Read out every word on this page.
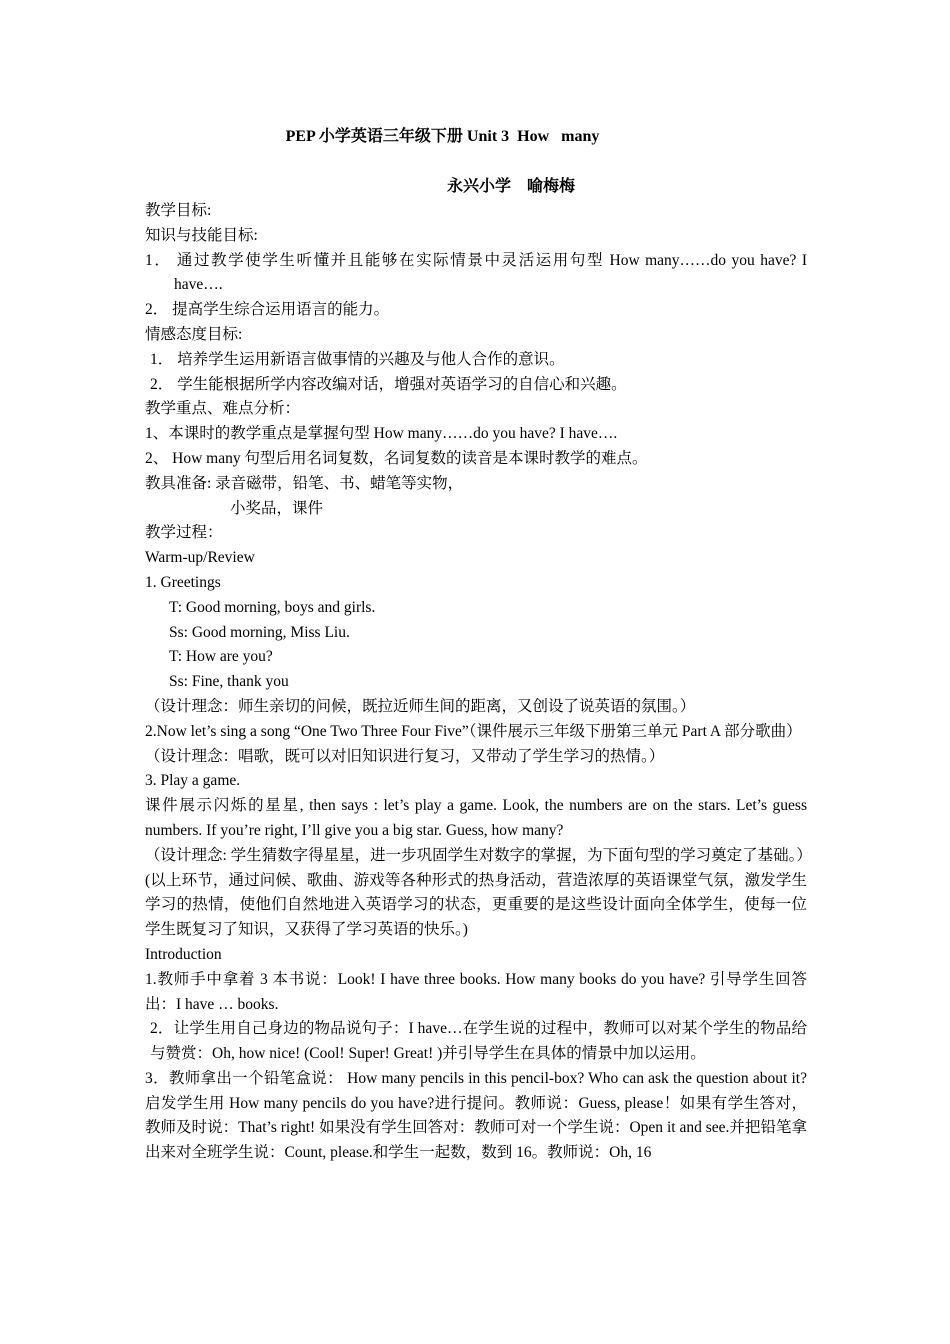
PEP 小学英语三年级下册 Unit 3  How   many
永兴小学    喻梅梅

教学目标:

知识与技能目标:

1． 通过教学使学生听懂并且能够在实际情景中灵活运用句型 How many……do you have? I have….

2． 提高学生综合运用语言的能力。

情感态度目标:

1． 培养学生运用新语言做事情的兴趣及与他人合作的意识。

2． 学生能根据所学内容改编对话，增强对英语学习的自信心和兴趣。

教学重点、难点分析：

1、本课时的教学重点是掌握句型 How many……do you have? I have….

2、 How many 句型后用名词复数，名词复数的读音是本课时教学的难点。

教具准备: 录音磁带，铅笔、书、蜡笔等实物，

小奖品，课件

教学过程：

Warm-up/Review

1. Greetings

T: Good morning, boys and girls.

Ss: Good morning, Miss Liu.

T: How are you?

Ss: Fine, thank you

（设计理念：师生亲切的问候，既拉近师生间的距离，又创设了说英语的氛围。）

2.Now let’s sing a song “One Two Three Four Five”（课件展示三年级下册第三单元 Part A 部分歌曲）

（设计理念：唱歌，既可以对旧知识进行复习，又带动了学生学习的热情。）

3. Play a game.

课件展示闪烁的星星, then says : let’s play a game. Look, the numbers are on the stars. Let’s guess numbers. If you’re right, I’ll give you a big star. Guess, how many?

（设计理念: 学生猜数字得星星，进一步巩固学生对数字的掌握，为下面句型的学习奠定了基础。）

(以上环节，通过问候、歌曲、游戏等各种形式的热身活动，营造浓厚的英语课堂气氛，激发学生学习的热情，使他们自然地进入英语学习的状态，更重要的是这些设计面向全体学生，使每一位学生既复习了知识，又获得了学习英语的快乐。)

Introduction

1.教师手中拿着 3 本书说：Look! I have three books. How many books do you have? 引导学生回答出：I have … books.

2．让学生用自己身边的物品说句子：I have…在学生说的过程中，教师可以对某个学生的物品给与赞赏：Oh, how nice! (Cool! Super! Great! )并引导学生在具体的情景中加以运用。

3．教师拿出一个铅笔盒说： How many pencils in this pencil-box? Who can ask the question about it? 启发学生用 How many pencils do you have?进行提问。教师说：Guess, please！如果有学生答对，教师及时说：That’s right! 如果没有学生回答对：教师可对一个学生说：Open it and see.并把铅笔拿出来对全班学生说：Count, please.和学生一起数，数到 16。教师说：Oh, 16
